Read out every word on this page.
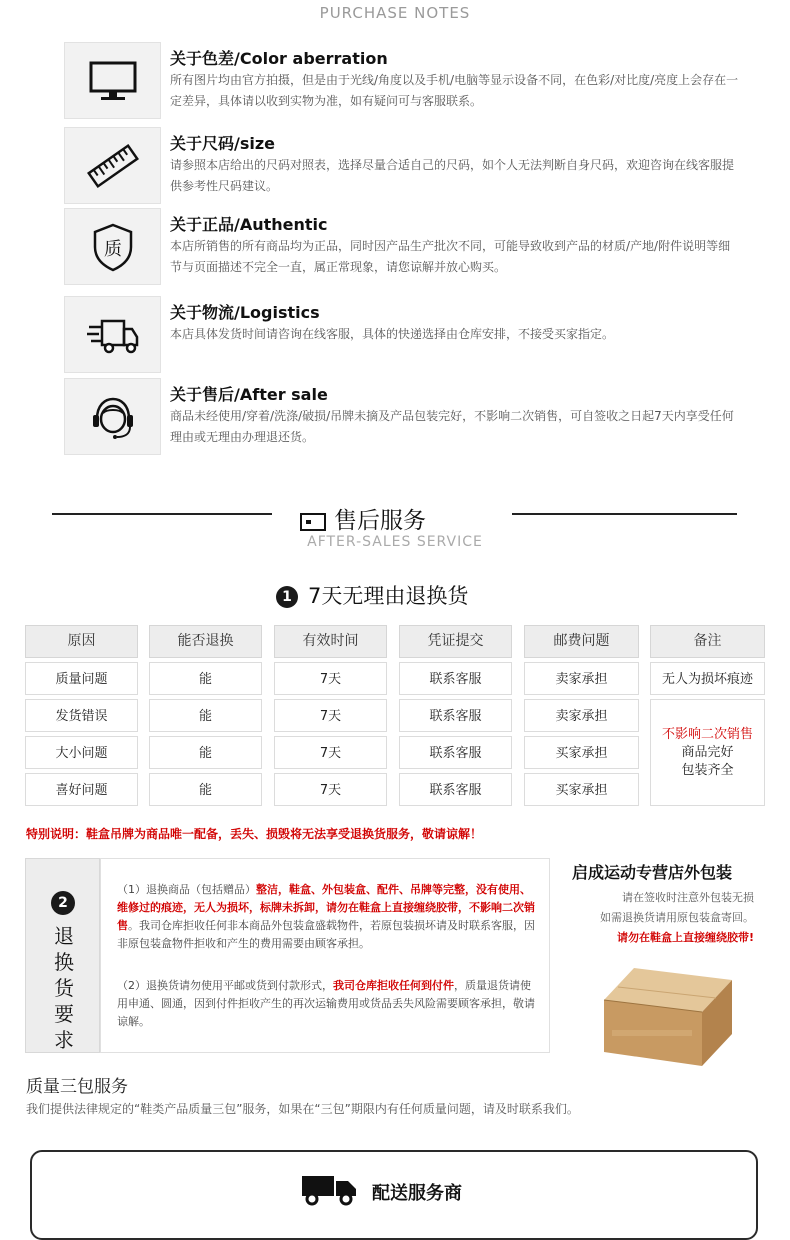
PURCHASE NOTES
关于色差/Color aberration
所有图片均由官方拍摄，但是由于光线/角度以及手机/电脑等显示设备不同，在色彩/对比度/亮度上会存在一定差异，具体请以收到实物为准，如有疑问可与客服联系。
关于尺码/size
请参照本店给出的尺码对照表，选择尽量合适自己的尺码，如个人无法判断自身尺码，欢迎咨询在线客服提供参考性尺码建议。
质
关于正品/Authentic
本店所销售的所有商品均为正品，同时因产品生产批次不同，可能导致收到产品的材质/产地/附件说明等细节与页面描述不完全一直，属正常现象，请您谅解并放心购买。
关于物流/Logistics
本店具体发货时间请咨询在线客服，具体的快递选择由仓库安排，不接受买家指定。
关于售后/After sale
商品未经使用/穿着/洗涤/破损/吊牌未摘及产品包装完好，不影响二次销售，可自签收之日起7天内享受任何理由或无理由办理退还货。
售后服务
AFTER-SALES SERVICE
1 7天无理由退换货
原因	能否退换	有效时间	凭证提交	邮费问题	备注
质量问题	能	7天	联系客服	卖家承担	无人为损坏痕迹
发货错误	能	7天	联系客服	卖家承担
大小问题	能	7天	联系客服	买家承担
喜好问题	能	7天	联系客服	买家承担
不影响二次销售
商品完好
包装齐全
特别说明：鞋盒吊牌为商品唯一配备，丢失、损毁将无法享受退换货服务，敬请谅解！
2
退换货要求

（1）退换商品（包括赠品）整洁，鞋盒、外包装盒、配件、吊牌等完整，没有使用、维修过的痕迹，无人为损坏，标牌未拆卸，请勿在鞋盒上直接缠绕胶带，不影响二次销售。我司仓库拒收任何非本商品外包装盒盛载物件，若原包装损坏请及时联系客服，因非原包装盒物件拒收和产生的费用需要由顾客承担。

（2）退换货请勿使用平邮或货到付款形式，我司仓库拒收任何到付件，质量退货请使用申通、圆通，因到付件拒收产生的再次运输费用或货品丢失风险需要顾客承担，敬请谅解。

启成运动专营店外包装
请在签收时注意外包装无损
如需退换货请用原包装盒寄回。
请勿在鞋盒上直接缠绕胶带!
质量三包服务
我们提供法律规定的“鞋类产品质量三包”服务，如果在“三包”期限内有任何质量问题，请及时联系我们。
配送服务商
